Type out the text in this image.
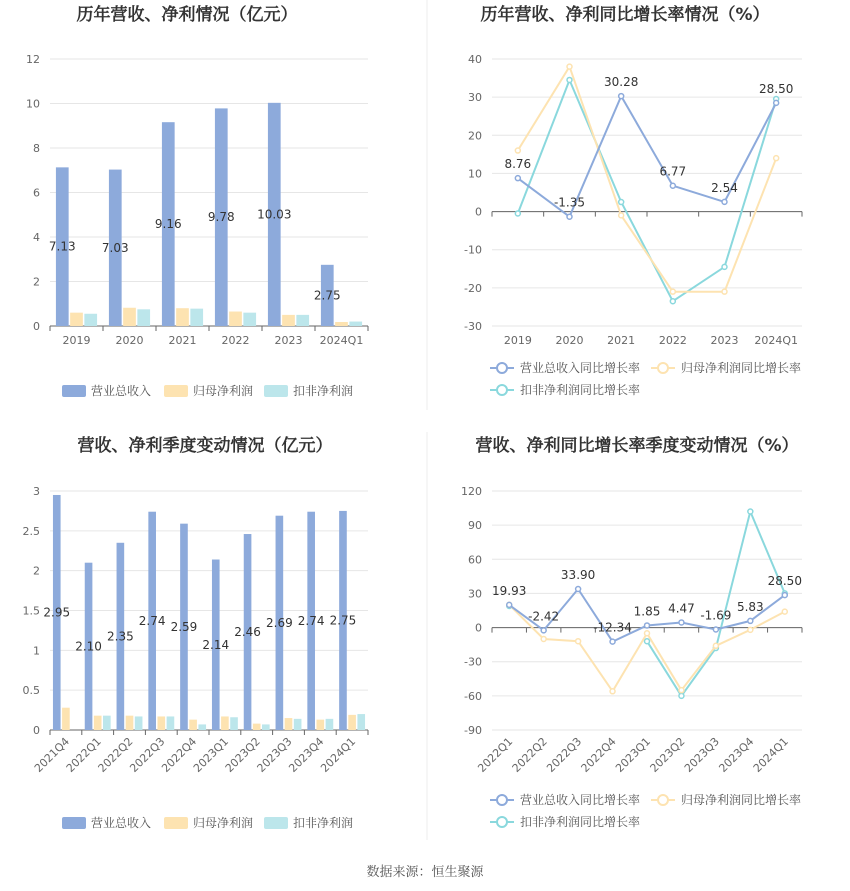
数据来源：恒生聚源
历年营收、净利情况（亿元）
0
2
4
6
8
10
12
2019 2020 2021 2022 2023 2024Q1
7.13 7.03
9.16 9.78 10.03
2.75
营业总收入	归母净利润	扣非净利润
历年营收、净利同比增长率情况（%）
-30
-20
-10
0
10
20
30
40
2019 2020 2021 2022 2023 2024Q1
8.76
-1.35
30.28
6.77
2.54
28.50
营业总收入同比增长率	归母净利润同比增长率
扣非净利润同比增长率
营收、净利季度变动情况（亿元）
0
0.5
1
1.5
2
2.5
3
2021Q4
2022Q1
2022Q2
2022Q3
2022Q4
2023Q1
2023Q2
2023Q3
2023Q4
2024Q1
2.95
2.10
2.35
2.74 2.59
2.14
2.46
2.69 2.74 2.75
营业总收入	归母净利润	扣非净利润
营收、净利同比增长率季度变动情况（%）
-90
-60
-30
0
30
60
90
120
2022Q1
2022Q2
2022Q3
2022Q4
2023Q1
2023Q2
2023Q3
2023Q4
2024Q1
19.93
-2.42
33.90
-12.34
1.85 4.47
-1.69
5.83
28.50
营业总收入同比增长率	归母净利润同比增长率
扣非净利润同比增长率
